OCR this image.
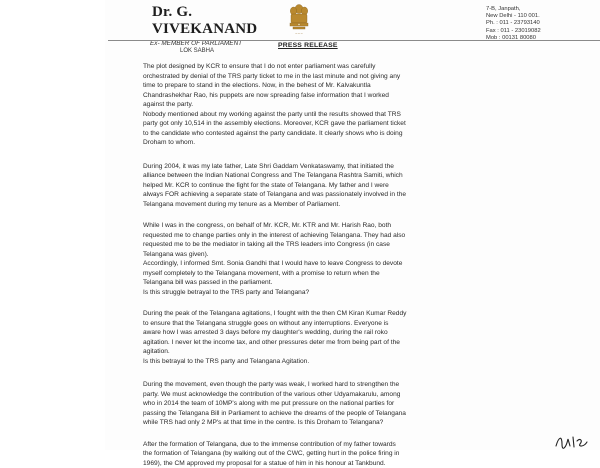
Dr. G. VIVEKANAND
Ex- MEMBER OF PARLIAMENT
LOK SABHA
~~~
7-B, Janpath,
New Delhi - 110 001.
Ph. : 011 - 23793140
Fax : 011 - 23019082
Mob : 00131 80080
PRESS RELEASE

The plot designed by KCR to ensure that I do not enter parliament was carefully

orchestrated by denial of the TRS party ticket to me in the last minute and not giving any

time to prepare to stand in the elections. Now, in the behest of Mr. Kalvakuntla

Chandrashekhar Rao, his puppets are now spreading false information that I worked

against the party.

Nobody mentioned about my working against the party until the results showed that TRS

party got only 10,514 in the assembly elections. Moreover, KCR gave the parliament ticket

to the candidate who contested against the party candidate. It clearly shows who is doing

Droham to whom.

During 2004, it was my late father, Late Shri Gaddam Venkataswamy, that initiated the

alliance between the Indian National Congress and The Telangana Rashtra Samiti, which

helped Mr. KCR to continue the fight for the state of Telangana. My father and I were

always FOR achieving a separate state of Telangana and was passionately involved in the

Telangana movement during my tenure as a Member of Parliament.

While I was in the congress, on behalf of Mr. KCR, Mr. KTR and Mr. Harish Rao, both

requested me to change parties only in the interest of achieving Telangana. They had also

requested me to be the mediator in taking all the TRS leaders into Congress (in case

Telangana was given).

Accordingly, I informed Smt. Sonia Gandhi that I would have to leave Congress to devote

myself completely to the Telangana movement, with a promise to return when the

Telangana bill was passed in the parliament.

Is this struggle betrayal to the TRS party and Telangana?

During the peak of the Telangana agitations, I fought with the then CM Kiran Kumar Reddy

to ensure that the Telangana struggle goes on without any interruptions. Everyone is

aware how I was arrested 3 days before my daughter's wedding, during the rail roko

agitation. I never let the income tax, and other pressures deter me from being part of the

agitation.

Is this betrayal to the TRS party and Telangana Agitation.

During the movement, even though the party was weak, I worked hard to strengthen the

party. We must acknowledge the contribution of the various other Udyamakarulu, among

who in 2014 the team of 10MP's along with me put pressure on the national parties for

passing the Telangana Bill in Parliament to achieve the dreams of the people of Telangana

while TRS had only 2 MP's at that time in the centre. Is this Droham to Telangana?

After the formation of Telangana, due to the immense contribution of my father towards

the formation of Telangana (by walking out of the CWC, getting hurt in the police firing in

1969), the CM approved my proposal for a statue of him in his honour at Tankbund.
